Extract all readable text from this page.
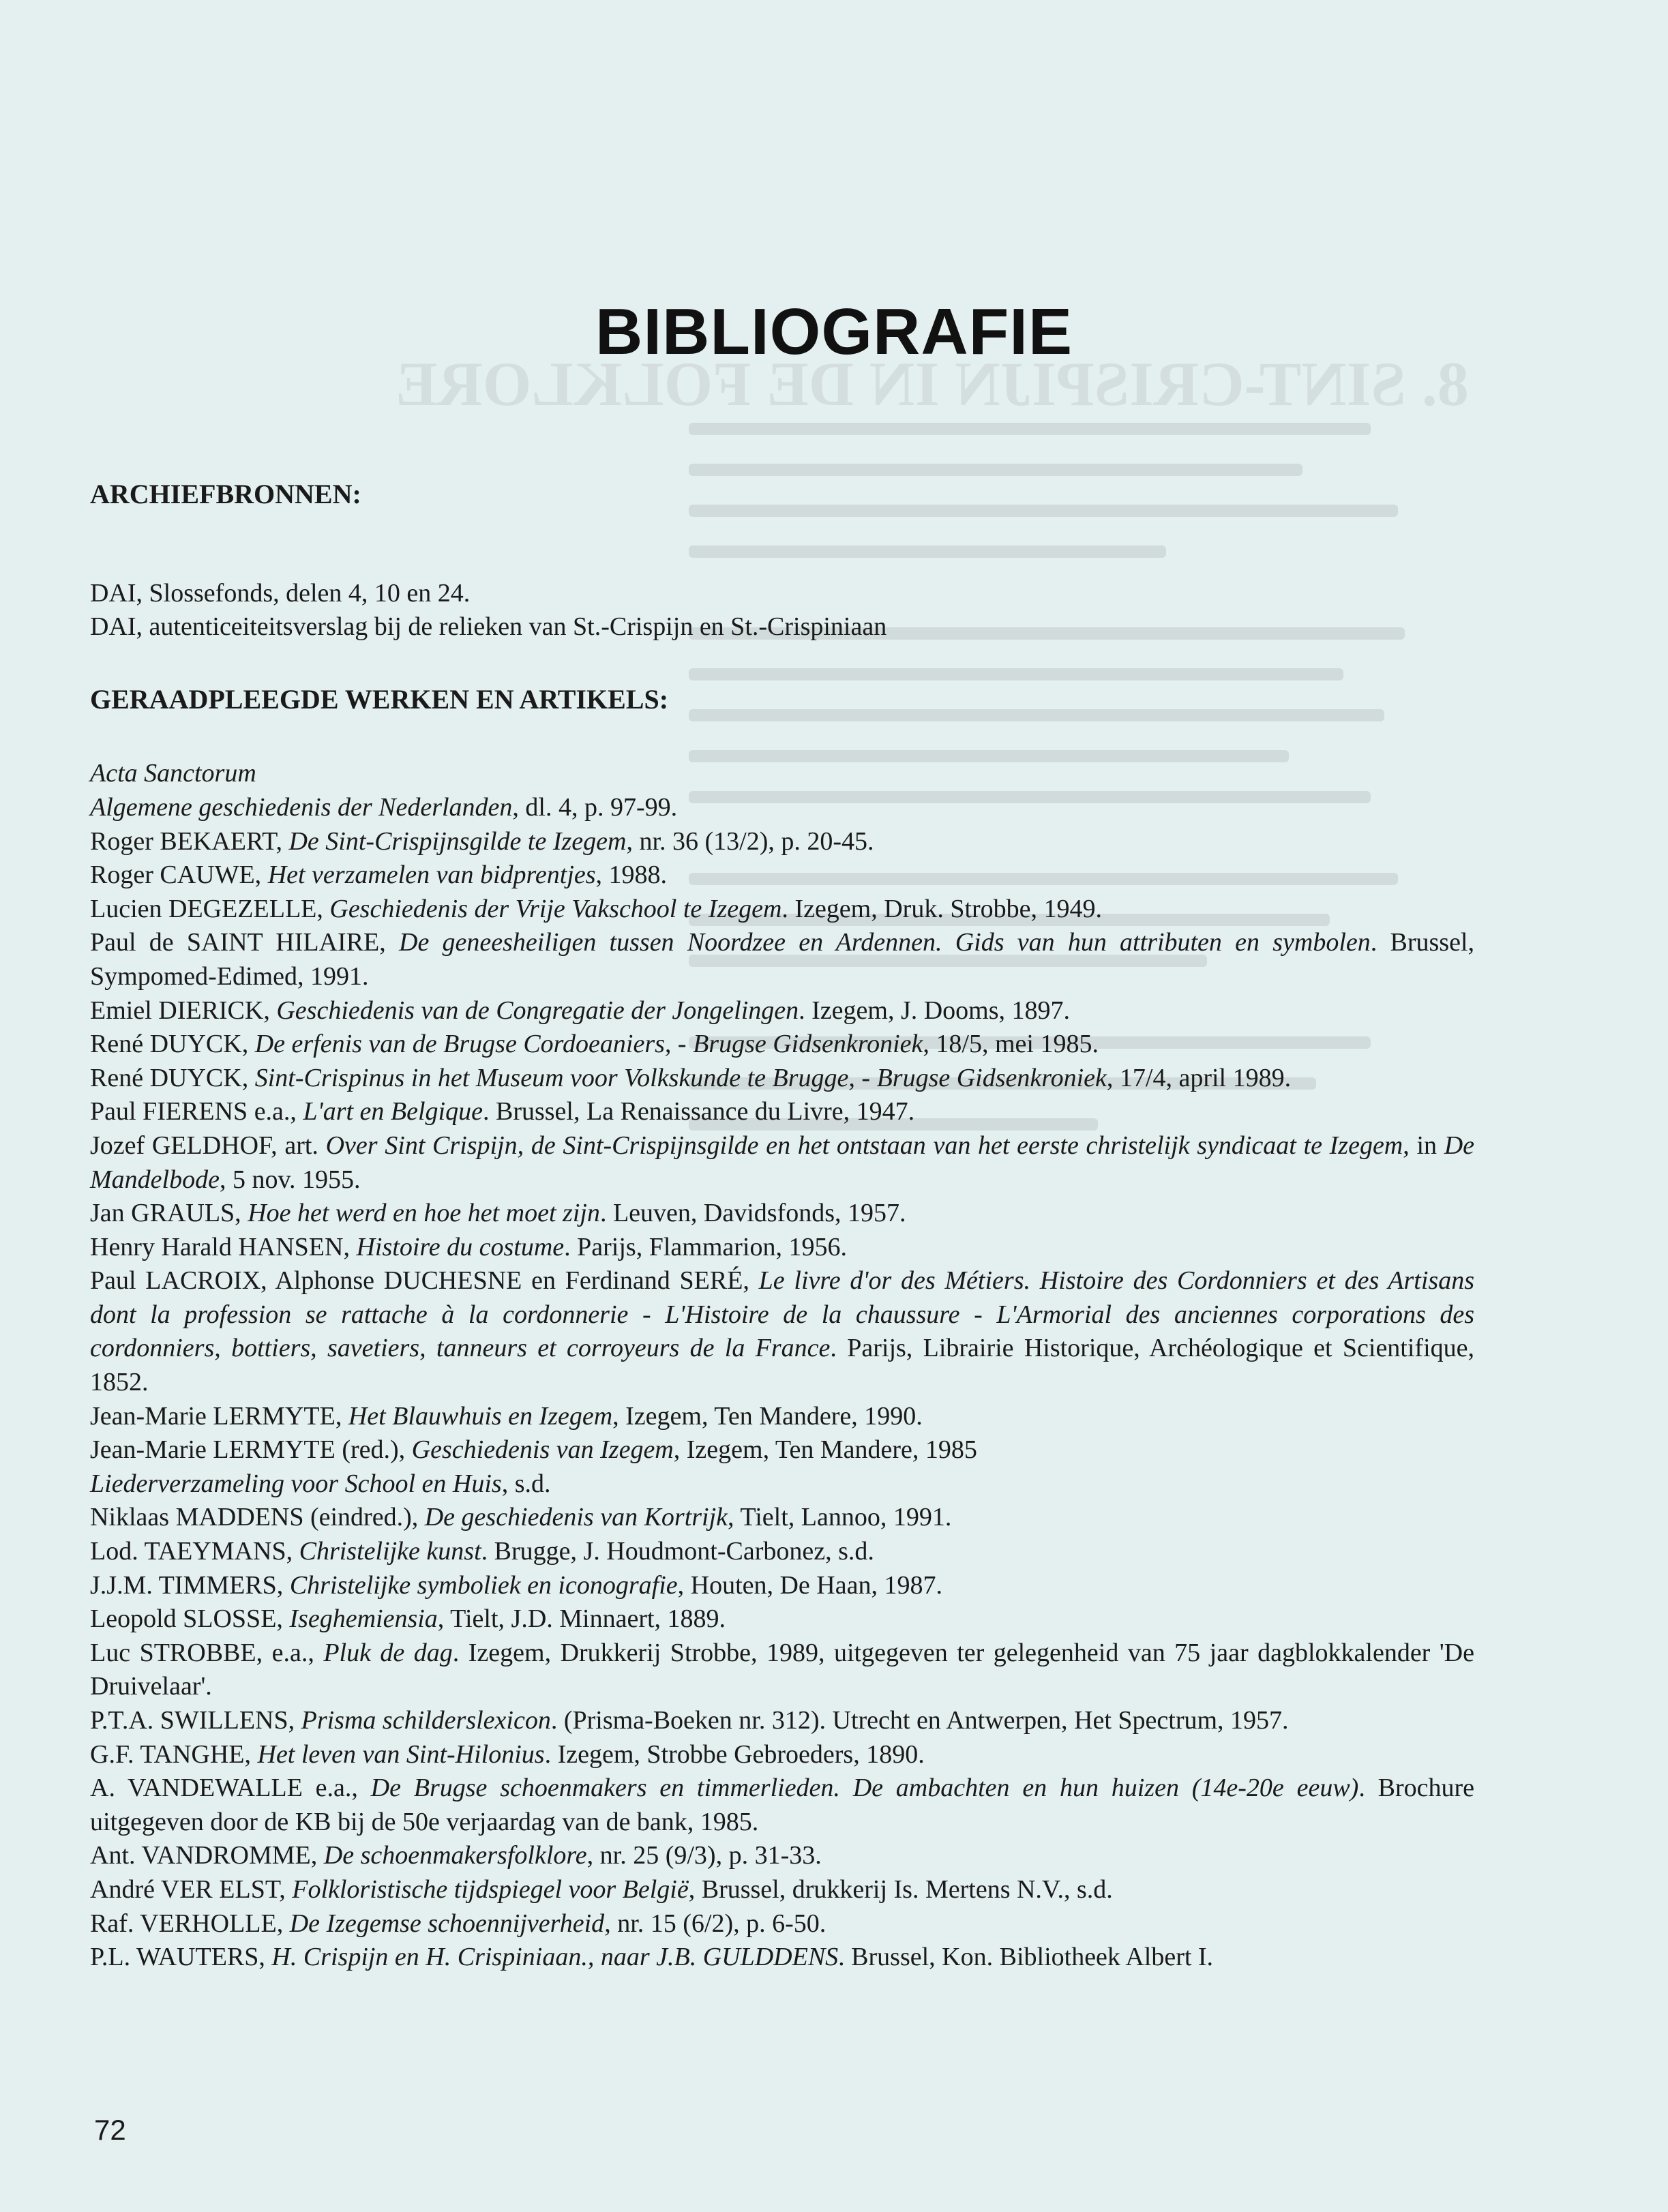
8. SINT-CRISPIJN IN DE FOLKLORE
BIBLIOGRAFIE
ARCHIEFBRONNEN:

DAI, Slossefonds, delen 4, 10 en 24.

DAI, autenticeiteitsverslag bij de relieken van St.-Crispijn en St.-Crispiniaan

GERAADPLEEGDE WERKEN EN ARTIKELS:

Acta Sanctorum

Algemene geschiedenis der Nederlanden, dl. 4, p. 97-99.

Roger BEKAERT, De Sint-Crispijnsgilde te Izegem, nr. 36 (13/2), p. 20-45.

Roger CAUWE, Het verzamelen van bidprentjes, 1988.

Lucien DEGEZELLE, Geschiedenis der Vrije Vakschool te Izegem. Izegem, Druk. Strobbe, 1949.

Paul de SAINT HILAIRE, De geneesheiligen tussen Noordzee en Ardennen. Gids van hun attributen en symbolen. Brussel, Sympomed-Edimed, 1991.

Emiel DIERICK, Geschiedenis van de Congregatie der Jongelingen. Izegem, J. Dooms, 1897.

René DUYCK, De erfenis van de Brugse Cordoeaniers, - Brugse Gidsenkroniek, 18/5, mei 1985.

René DUYCK, Sint-Crispinus in het Museum voor Volkskunde te Brugge, - Brugse Gidsenkroniek, 17/4, april 1989.

Paul FIERENS e.a., L'art en Belgique. Brussel, La Renaissance du Livre, 1947.

Jozef GELDHOF, art. Over Sint Crispijn, de Sint-Crispijnsgilde en het ontstaan van het eerste christelijk syndicaat te Izegem, in De Mandelbode, 5 nov. 1955.

Jan GRAULS, Hoe het werd en hoe het moet zijn. Leuven, Davidsfonds, 1957.

Henry Harald HANSEN, Histoire du costume. Parijs, Flammarion, 1956.

Paul LACROIX, Alphonse DUCHESNE en Ferdinand SERÉ, Le livre d'or des Métiers. Histoire des Cordonniers et des Artisans dont la profession se rattache à la cordonnerie - L'Histoire de la chaussure - L'Armorial des anciennes corporations des cordonniers, bottiers, savetiers, tanneurs et corroyeurs de la France. Parijs, Librairie Historique, Archéologique et Scientifique, 1852.

Jean-Marie LERMYTE, Het Blauwhuis en Izegem, Izegem, Ten Mandere, 1990.

Jean-Marie LERMYTE (red.), Geschiedenis van Izegem, Izegem, Ten Mandere, 1985

Liederverzameling voor School en Huis, s.d.

Niklaas MADDENS (eindred.), De geschiedenis van Kortrijk, Tielt, Lannoo, 1991.

Lod. TAEYMANS, Christelijke kunst. Brugge, J. Houdmont-Carbonez, s.d.

J.J.M. TIMMERS, Christelijke symboliek en iconografie, Houten, De Haan, 1987.

Leopold SLOSSE, Iseghemiensia, Tielt, J.D. Minnaert, 1889.

Luc STROBBE, e.a., Pluk de dag. Izegem, Drukkerij Strobbe, 1989, uitgegeven ter gelegenheid van 75 jaar dagblokkalender 'De Druivelaar'.

P.T.A. SWILLENS, Prisma schilderslexicon. (Prisma-Boeken nr. 312). Utrecht en Antwerpen, Het Spectrum, 1957.

G.F. TANGHE, Het leven van Sint-Hilonius. Izegem, Strobbe Gebroeders, 1890.

A. VANDEWALLE e.a., De Brugse schoenmakers en timmerlieden. De ambachten en hun huizen (14e-20e eeuw). Brochure uitgegeven door de KB bij de 50e verjaardag van de bank, 1985.

Ant. VANDROMME, De schoenmakersfolklore, nr. 25 (9/3), p. 31-33.

André VER ELST, Folkloristische tijdspiegel voor België, Brussel, drukkerij Is. Mertens N.V., s.d.

Raf. VERHOLLE, De Izegemse schoennijverheid, nr. 15 (6/2), p. 6-50.

P.L. WAUTERS, H. Crispijn en H. Crispiniaan., naar J.B. GULDDENS. Brussel, Kon. Bibliotheek Albert I.

72
